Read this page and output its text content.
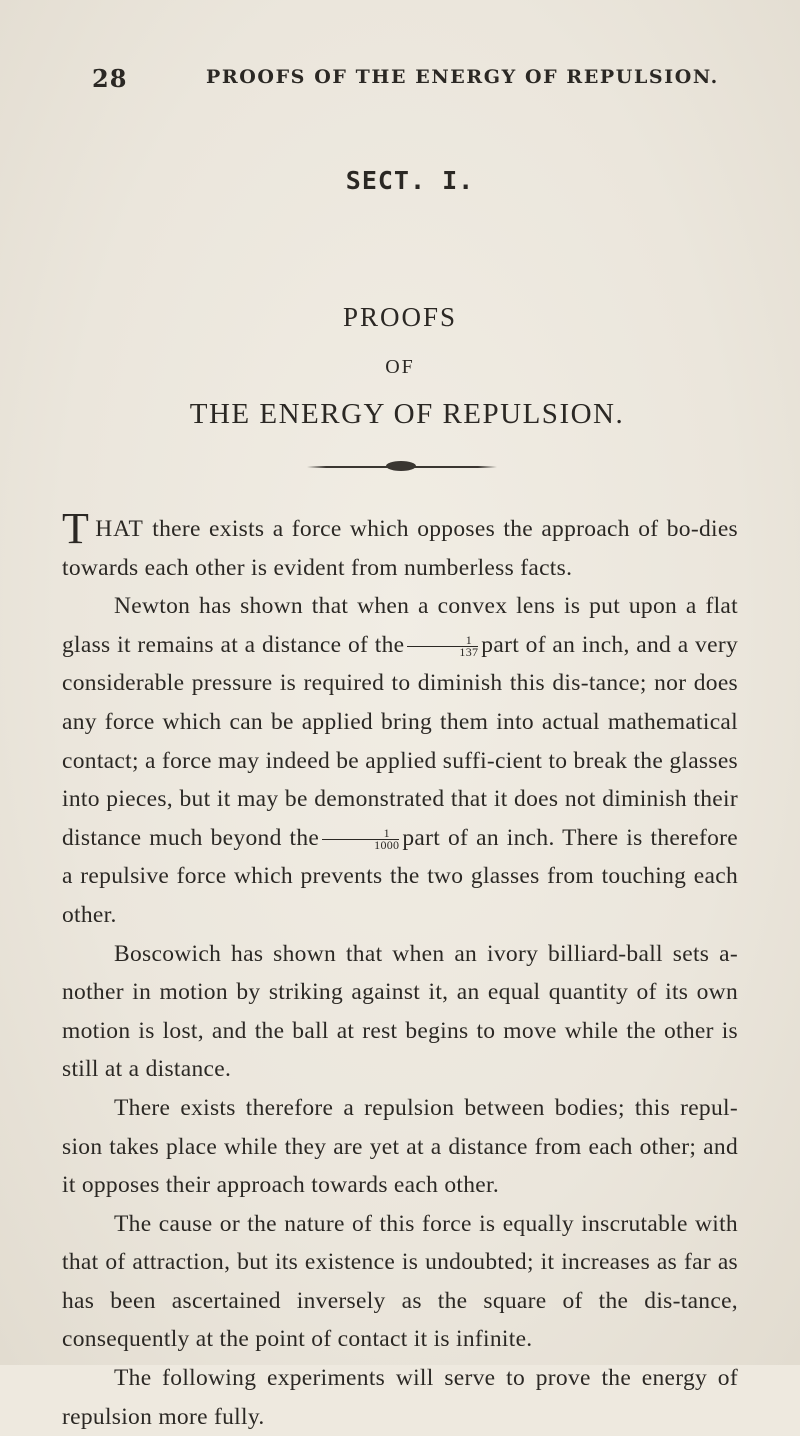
28	PROOFS OF THE ENERGY OF REPULSION.
SECT. I.
PROOFS
OF
THE ENERGY OF REPULSION.

THAT there exists a force which opposes the approach of bo-dies towards each other is evident from numberless facts.

Newton has shown that when a convex lens is put upon a flat glass it remains at a distance of the $\frac{1}{137}$ part of an inch, and a very considerable pressure is required to diminish this dis-tance; nor does any force which can be applied bring them into actual mathematical contact; a force may indeed be applied suffi-cient to break the glasses into pieces, but it may be demonstrated that it does not diminish their distance much beyond the $\frac{1}{1000}$ part of an inch. There is therefore a repulsive force which prevents the two glasses from touching each other.

Boscowich has shown that when an ivory billiard-ball sets a-nother in motion by striking against it, an equal quantity of its own motion is lost, and the ball at rest begins to move while the other is still at a distance.

There exists therefore a repulsion between bodies; this repul-sion takes place while they are yet at a distance from each other; and it opposes their approach towards each other.

The cause or the nature of this force is equally inscrutable with that of attraction, but its existence is undoubted; it increases as far as has been ascertained inversely as the square of the dis-tance, consequently at the point of contact it is infinite.

The following experiments will serve to prove the energy of repulsion more fully.
